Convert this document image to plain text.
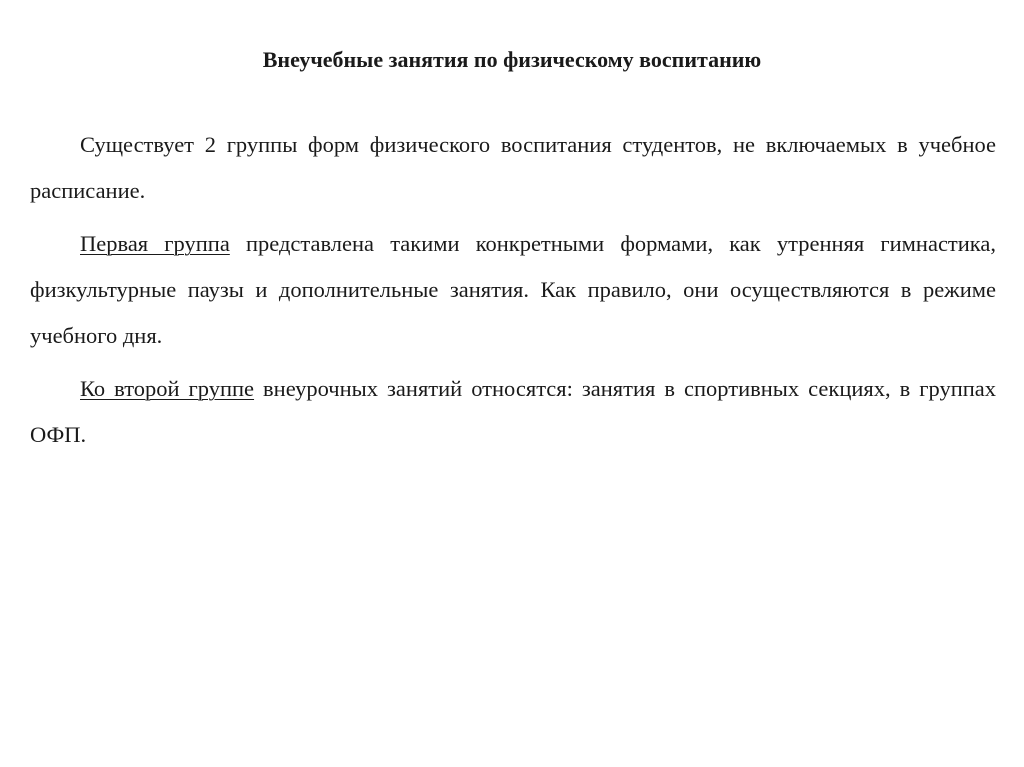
Внеучебные занятия по физическому воспитанию

Существует 2 группы форм физического воспитания студентов, не включаемых в учебное расписание.

Первая группа представлена такими конкретными формами, как утренняя гимнастика, физкультурные паузы и дополнительные занятия. Как правило, они осуществляются в режиме учебного дня.

Ко второй группе внеурочных занятий относятся: занятия в спортивных секциях, в группах ОФП.
